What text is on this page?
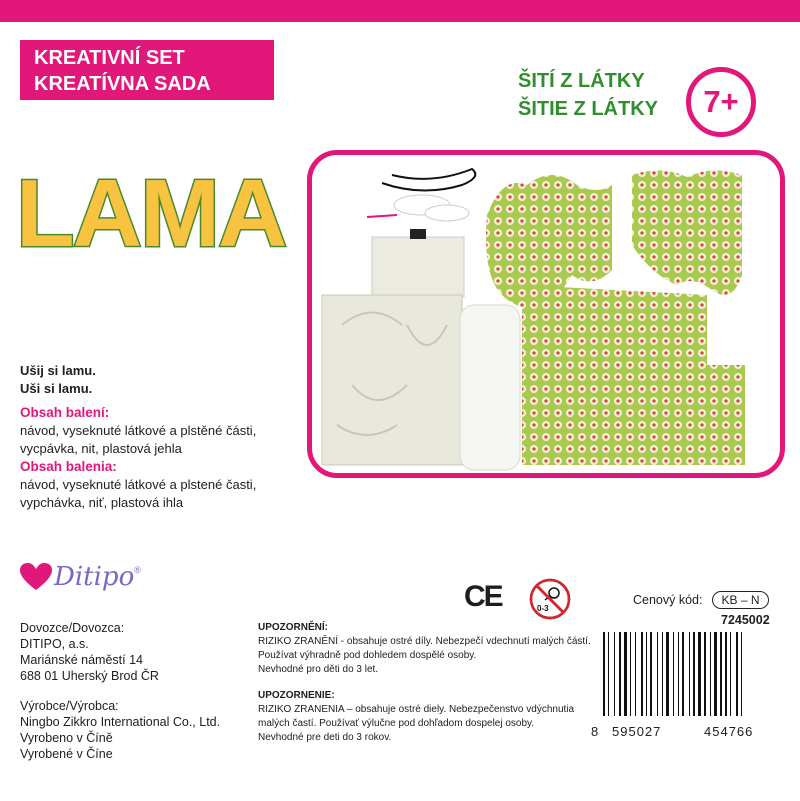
KREATIVNÍ SET
KREATÍVNA SADA	ŠITÍ Z LÁTKY
ŠITIE Z LÁTKY	7+
LAMA
Ušij si lamu.
Uši si lamu.
Obsah balení:
návod, vyseknuté látkové a plstěné části,
vycpávka, nit, plastová jehla
Obsah balenia:
návod, vyseknuté látkové a plstené časti,
vypchávka, niť, plastová ihla
Ditipo ®
Dovozce/Dovozca:
DITIPO, a.s.
Mariánské náměstí 14
688 01 Uherský Brod ČR
Výrobce/Výrobca:
Ningbo Zikkro International Co., Ltd.
Vyrobeno v Číně
Vyrobené v Číne
UPOZORNĚNÍ:
RIZIKO ZRANĚNÍ - obsahuje ostré díly. Nebezpečí vdechnutí malých částí.
Používat výhradně pod dohledem dospělé osoby.
Nevhodné pro děti do 3 let.
UPOZORNENIE:
RIZIKO ZRANENIA – obsahuje ostré diely. Nebezpečenstvo vdýchnutia
malých častí. Používať výlučne pod dohľadom dospelej osoby.
Nevhodné pre deti do 3 rokov.
CE	0-3
Cenový kód:	KB – N
7245002
8 595027	454766
